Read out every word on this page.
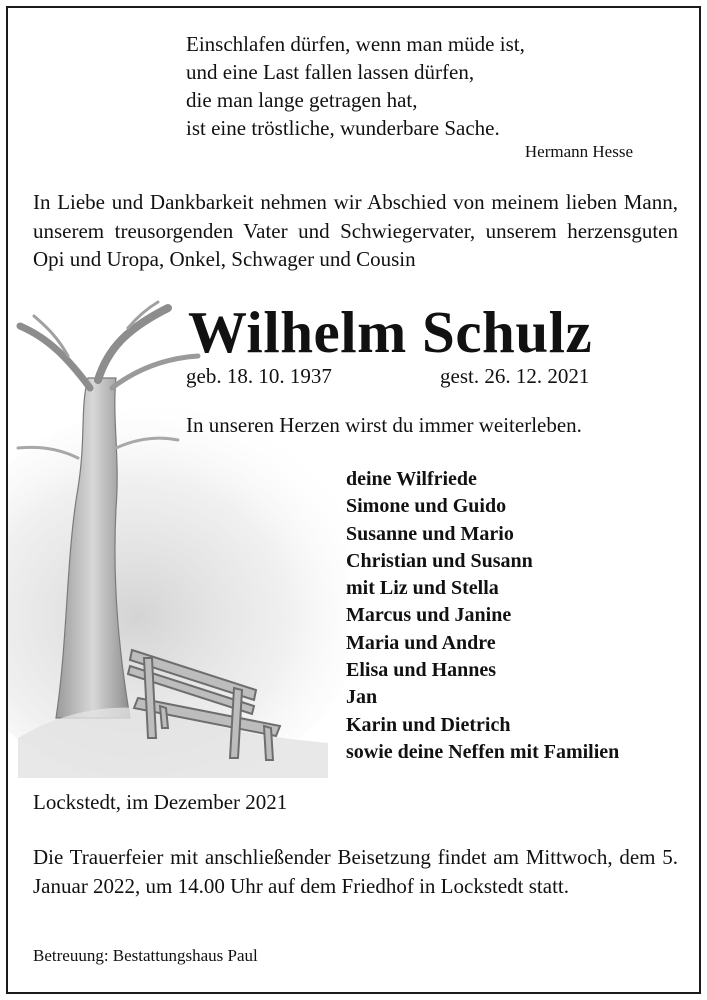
Einschlafen dürfen, wenn man müde ist,
und eine Last fallen lassen dürfen,
die man lange getragen hat,
ist eine tröstliche, wunderbare Sache.
Hermann Hesse
In Liebe und Dankbarkeit nehmen wir Abschied von meinem lieben Mann, unserem treusorgenden Vater und Schwiegervater, unserem herzensguten Opi und Uropa, Onkel, Schwager und Cousin
Wilhelm Schulz
geb. 18. 10. 1937	gest. 26. 12. 2021
In unseren Herzen wirst du immer weiterleben.
deine Wilfriede
Simone und Guido
Susanne und Mario
Christian und Susann
mit Liz und Stella
Marcus und Janine
Maria und Andre
Elisa und Hannes
Jan
Karin und Dietrich
sowie deine Neffen mit Familien
Lockstedt, im Dezember 2021
Die Trauerfeier mit anschließender Beisetzung findet am Mittwoch, dem 5. Januar 2022, um 14.00 Uhr auf dem Friedhof in Lockstedt statt.
Betreuung: Bestattungshaus Paul
